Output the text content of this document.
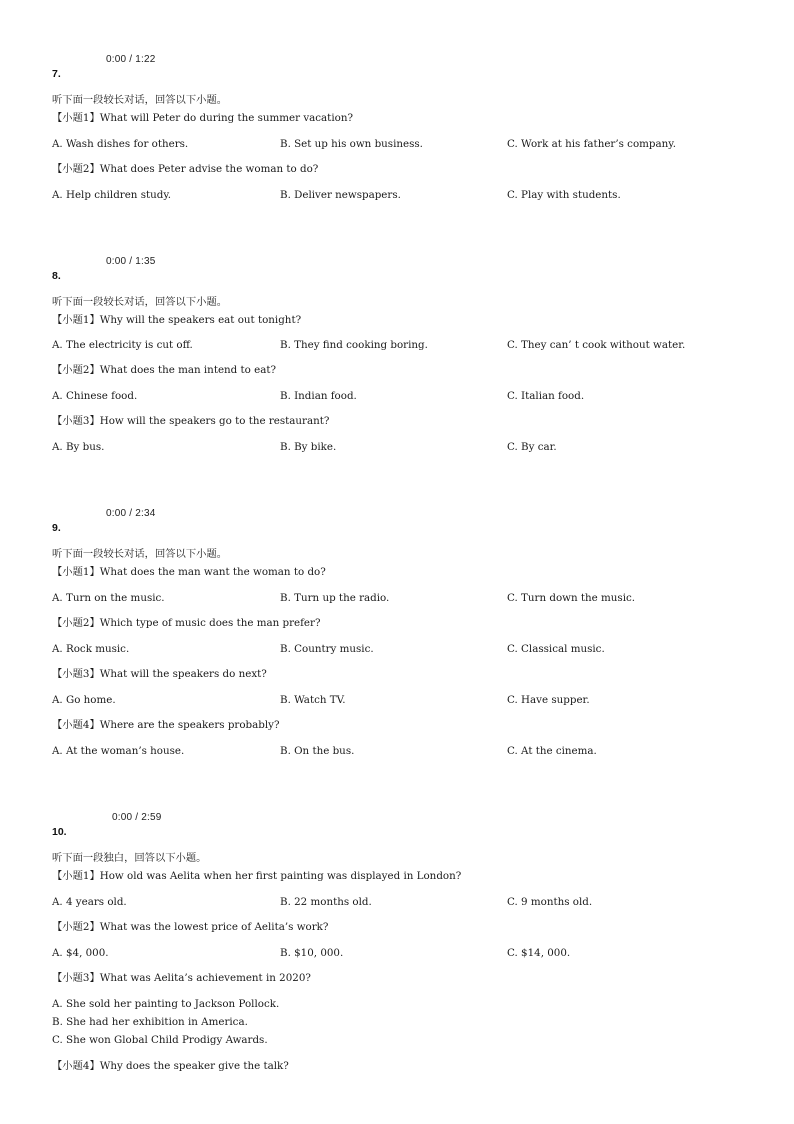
0:00 / 1:22
7.
听下面一段较长对话，回答以下小题。
【小题1】What will Peter do during the summer vacation?
A. Wash dishes for others.	B. Set up his own business.	C. Work at his father’s company.
【小题2】What does Peter advise the woman to do?
A. Help children study.	B. Deliver newspapers.	C. Play with students.
0:00 / 1:35
8.
听下面一段较长对话，回答以下小题。
【小题1】Why will the speakers eat out tonight?
A. The electricity is cut off.	B. They find cooking boring.	C. They can’ t cook without water.
【小题2】What does the man intend to eat?
A. Chinese food.	B. Indian food.	C. Italian food.
【小题3】How will the speakers go to the restaurant?
A. By bus.	B. By bike.	C. By car.
0:00 / 2:34
9.
听下面一段较长对话，回答以下小题。
【小题1】What does the man want the woman to do?
A. Turn on the music.	B. Turn up the radio.	C. Turn down the music.
【小题2】Which type of music does the man prefer?
A. Rock music.	B. Country music.	C. Classical music.
【小题3】What will the speakers do next?
A. Go home.	B. Watch TV.	C. Have supper.
【小题4】Where are the speakers probably?
A. At the woman’s house.	B. On the bus.	C. At the cinema.
0:00 / 2:59
10.
听下面一段独白，回答以下小题。
【小题1】How old was Aelita when her first painting was displayed in London?
A. 4 years old.	B. 22 months old.	C. 9 months old.
【小题2】What was the lowest price of Aelita’s work?
A. $4, 000.	B. $10, 000.	C. $14, 000.
【小题3】What was Aelita’s achievement in 2020?
A. She sold her painting to Jackson Pollock.
B. She had her exhibition in America.
C. She won Global Child Prodigy Awards.
【小题4】Why does the speaker give the talk?
